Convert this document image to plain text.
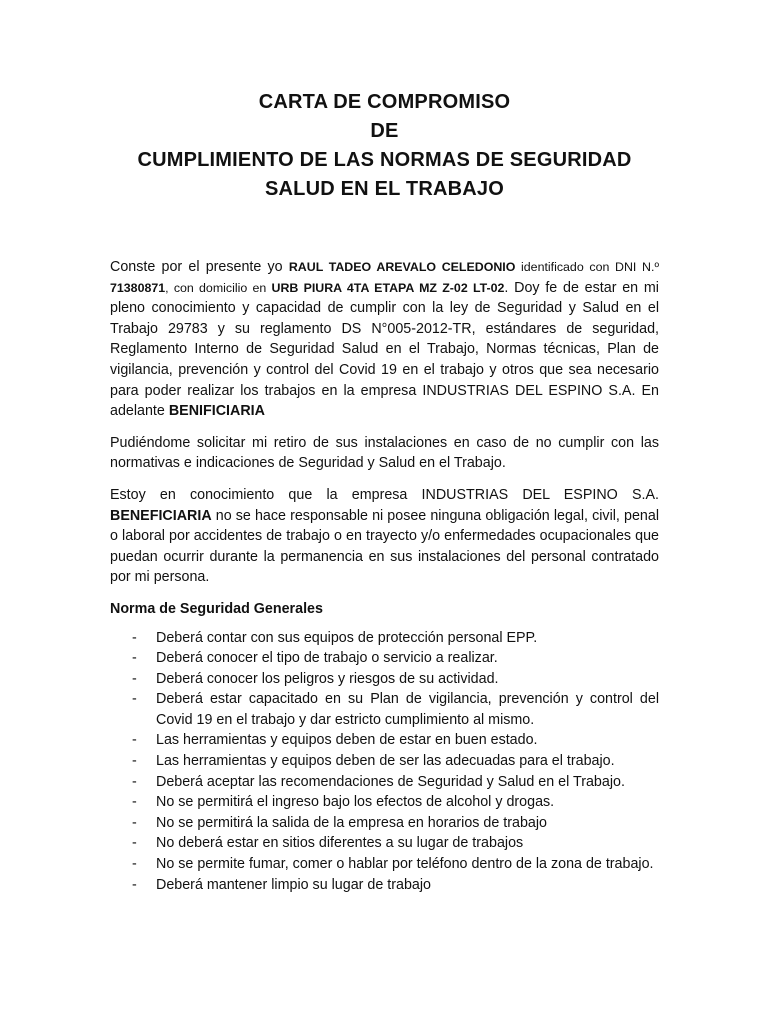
CARTA DE COMPROMISO
DE
CUMPLIMIENTO DE LAS NORMAS DE SEGURIDAD
SALUD EN EL TRABAJO

Conste por el presente yo RAUL TADEO AREVALO CELEDONIO identificado con DNI N.º 71380871, con domicilio en URB PIURA 4TA ETAPA MZ Z-02 LT-02. Doy fe de estar en mi pleno conocimiento y capacidad de cumplir con la ley de Seguridad y Salud en el Trabajo 29783 y su reglamento DS N°005-2012-TR, estándares de seguridad, Reglamento Interno de Seguridad Salud en el Trabajo, Normas técnicas, Plan de vigilancia, prevención y control del Covid 19 en el trabajo y otros que sea necesario para poder realizar los trabajos en la empresa INDUSTRIAS DEL ESPINO S.A. En adelante BENIFICIARIA

Pudiéndome solicitar mi retiro de sus instalaciones en caso de no cumplir con las normativas e indicaciones de Seguridad y Salud en el Trabajo.

Estoy en conocimiento que la empresa INDUSTRIAS DEL ESPINO S.A. BENEFICIARIA no se hace responsable ni posee ninguna obligación legal, civil, penal o laboral por accidentes de trabajo o en trayecto y/o enfermedades ocupacionales que puedan ocurrir durante la permanencia en sus instalaciones del personal contratado por mi persona.

Norma de Seguridad Generales

- Deberá contar con sus equipos de protección personal EPP.
- Deberá conocer el tipo de trabajo o servicio a realizar.
- Deberá conocer los peligros y riesgos de su actividad.
- Deberá estar capacitado en su Plan de vigilancia, prevención y control del Covid 19 en el trabajo y dar estricto cumplimiento al mismo.
- Las herramientas y equipos deben de estar en buen estado.
- Las herramientas y equipos deben de ser las adecuadas para el trabajo.
- Deberá aceptar las recomendaciones de Seguridad y Salud en el Trabajo.
- No se permitirá el ingreso bajo los efectos de alcohol y drogas.
- No se permitirá la salida de la empresa en horarios de trabajo
- No deberá estar en sitios diferentes a su lugar de trabajos
- No se permite fumar, comer o hablar por teléfono dentro de la zona de trabajo.
- Deberá mantener limpio su lugar de trabajo
